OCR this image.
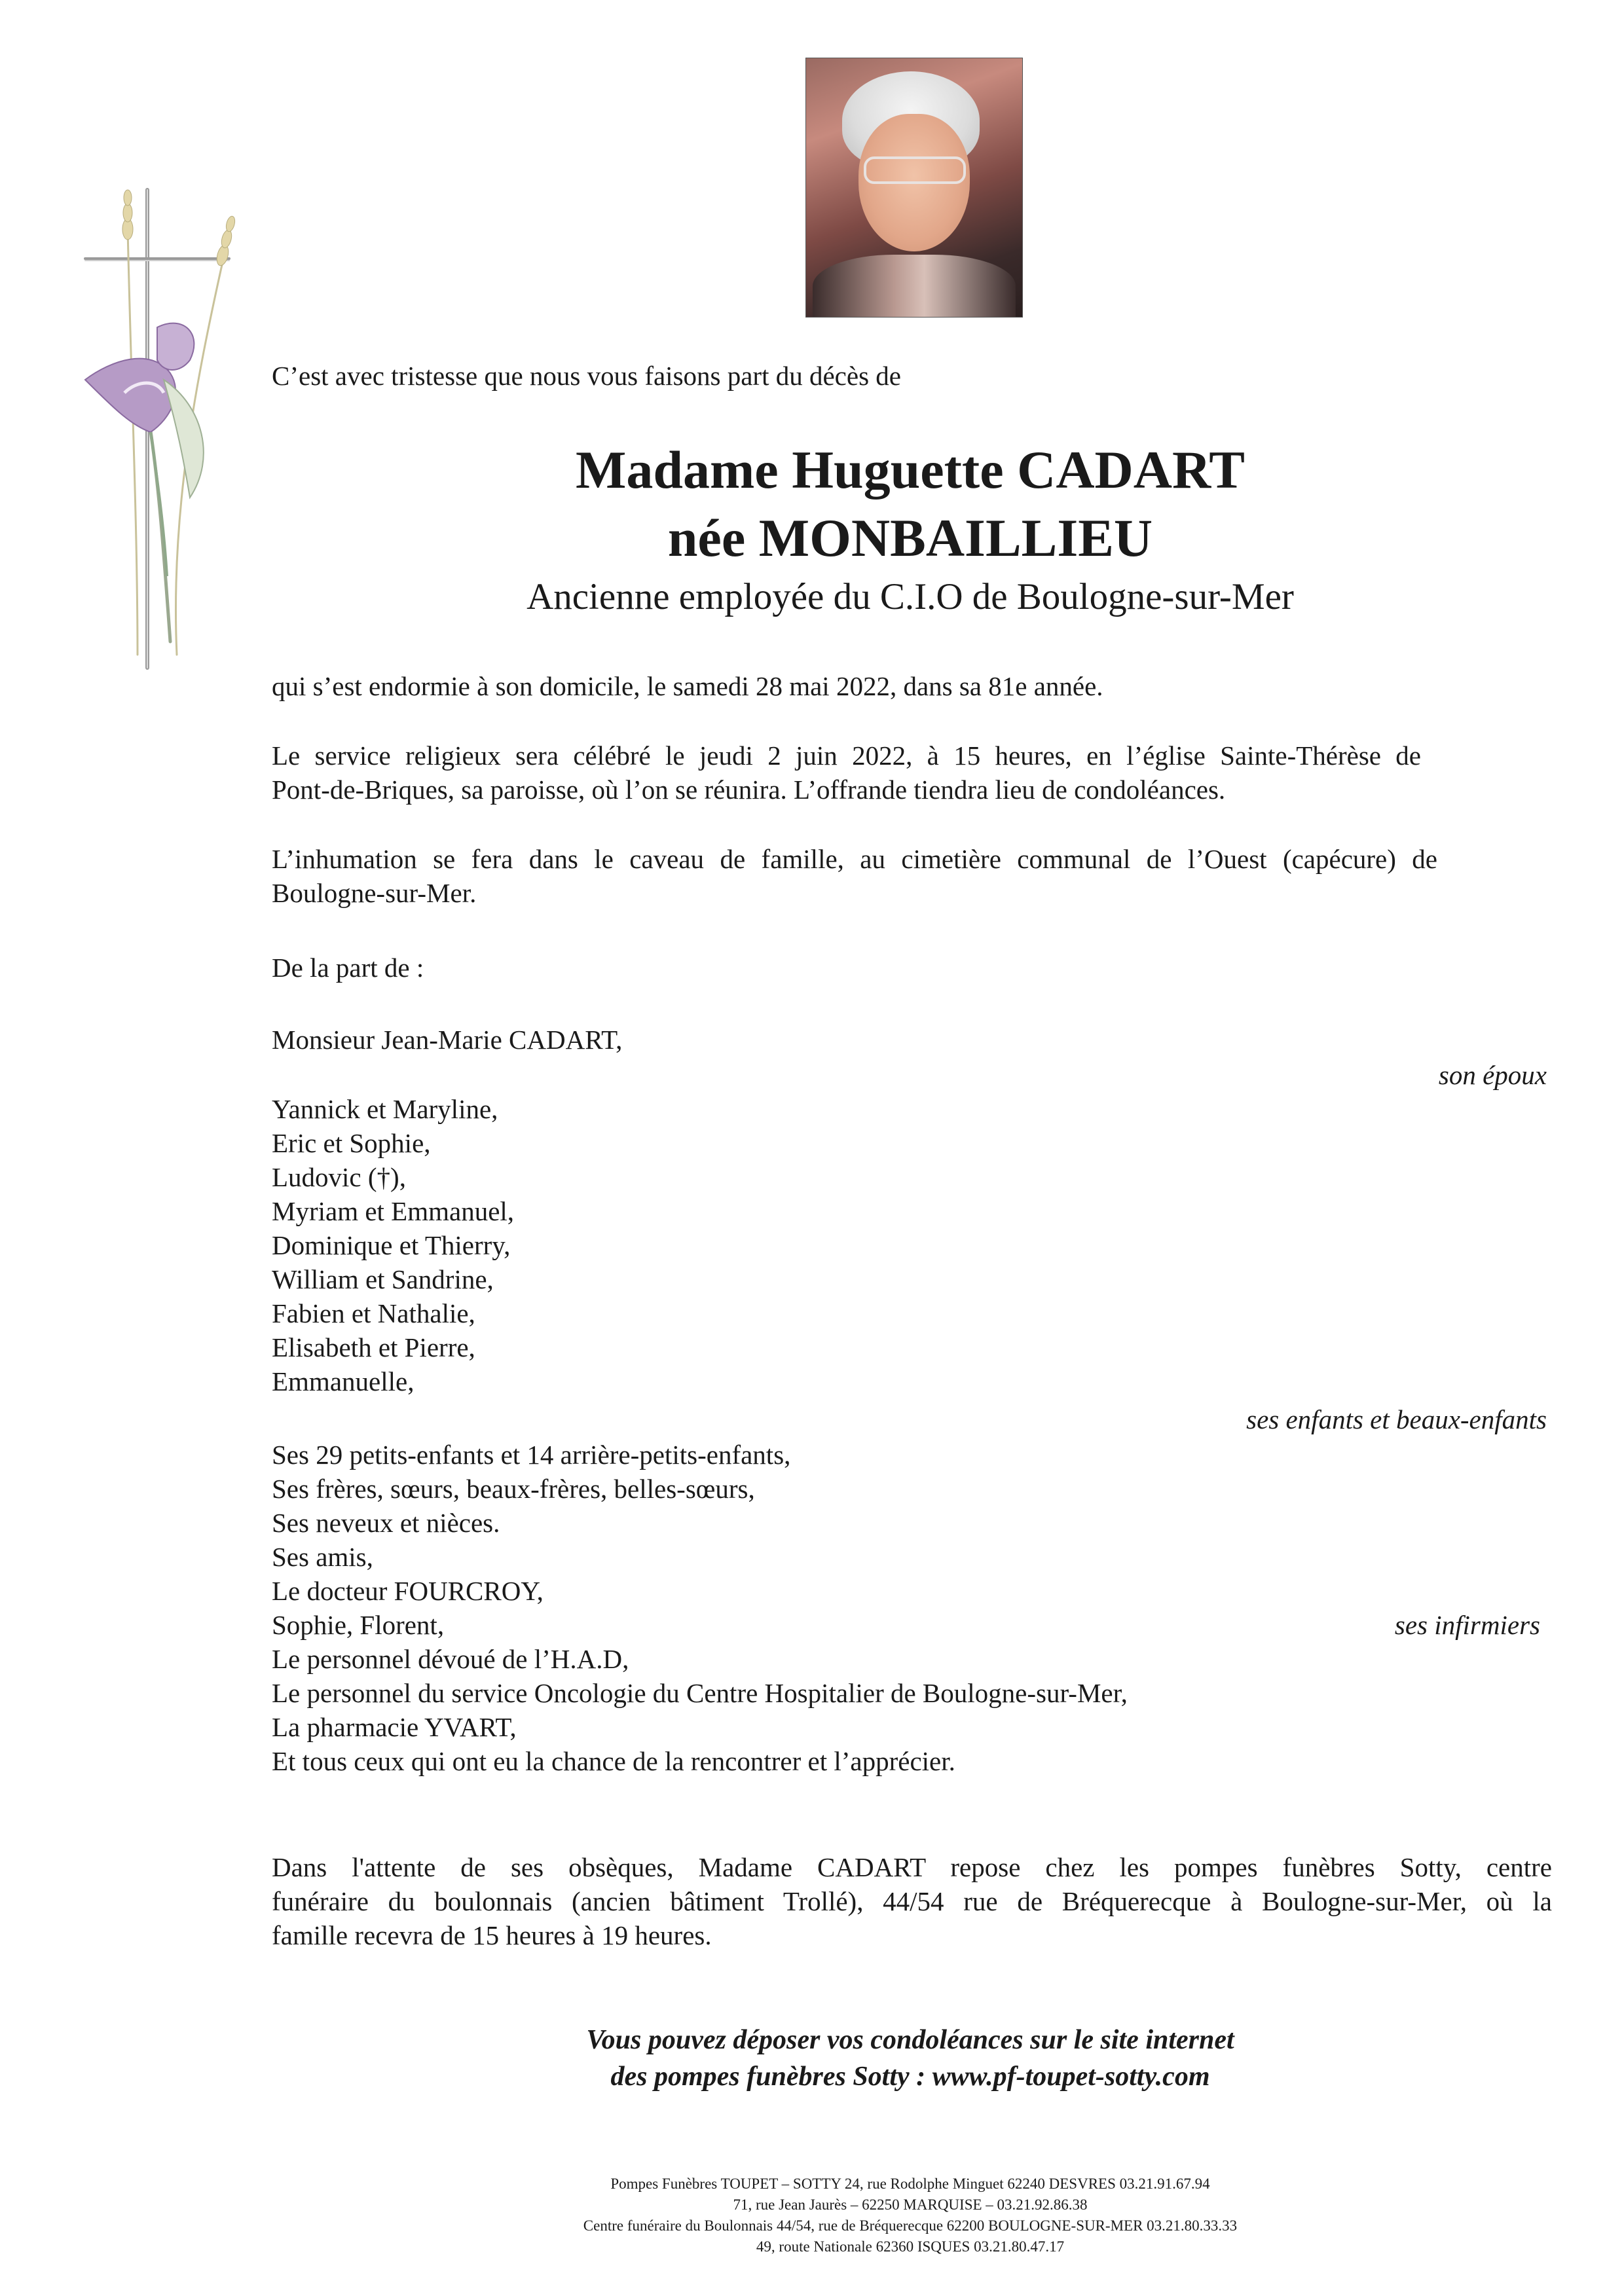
C’est avec tristesse que nous vous faisons part du décès de
Madame Huguette CADART
née MONBAILLIEU
Ancienne employée du C.I.O de Boulogne-sur-Mer
qui s’est endormie à son domicile, le samedi 28 mai 2022, dans sa 81e année.
Le service religieux sera célébré le jeudi 2 juin 2022, à 15 heures, en l’église Sainte-Thérèse de
Pont-de-Briques, sa paroisse, où l’on se réunira. L’offrande tiendra lieu de condoléances.
L’inhumation se fera dans le caveau de famille, au cimetière communal de l’Ouest (capécure) de
Boulogne-sur-Mer.
De la part de :
Monsieur Jean-Marie CADART,
son époux
Yannick et Maryline,
Eric et Sophie,
Ludovic (†),
Myriam et Emmanuel,
Dominique et Thierry,
William et Sandrine,
Fabien et Nathalie,
Elisabeth et Pierre,
Emmanuelle,
ses enfants et beaux-enfants
Ses 29 petits-enfants et 14 arrière-petits-enfants,
Ses frères, sœurs, beaux-frères, belles-sœurs,
Ses neveux et nièces.
Ses amis,
Le docteur FOURCROY,
Sophie, Florent,
Le personnel dévoué de l’H.A.D,
Le personnel du service Oncologie du Centre Hospitalier de Boulogne-sur-Mer,
La pharmacie YVART,
Et tous ceux qui ont eu la chance de la rencontrer et l’apprécier.
ses infirmiers
Dans l'attente de ses obsèques, Madame CADART repose chez les pompes funèbres Sotty, centre
funéraire du boulonnais (ancien bâtiment Trollé), 44/54 rue de Bréquerecque à Boulogne-sur-Mer, où la
famille recevra de 15 heures à 19 heures.
Vous pouvez déposer vos condoléances sur le site internet
des pompes funèbres Sotty : www.pf-toupet-sotty.com
Pompes Funèbres TOUPET – SOTTY 24, rue Rodolphe Minguet 62240 DESVRES 03.21.91.67.94
71, rue Jean Jaurès – 62250 MARQUISE – 03.21.92.86.38
Centre funéraire du Boulonnais 44/54, rue de Bréquerecque 62200 BOULOGNE-SUR-MER 03.21.80.33.33
49, route Nationale 62360 ISQUES 03.21.80.47.17
